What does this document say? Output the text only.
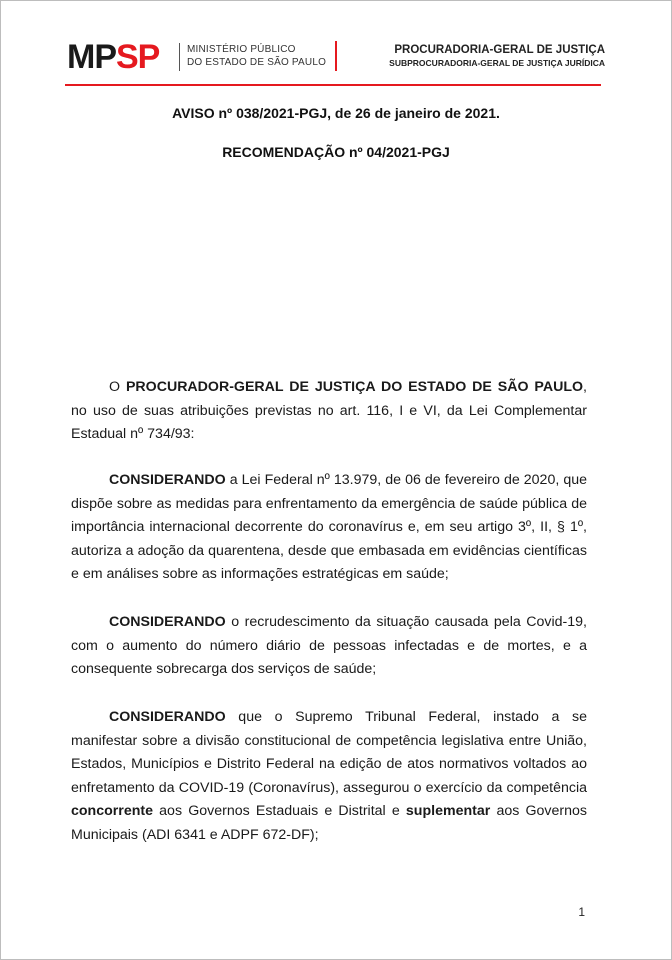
MPSP	MINISTÉRIO PÚBLICO
DO ESTADO DE SÃO PAULO
PROCURADORIA-GERAL DE JUSTIÇA
SUBPROCURADORIA-GERAL DE JUSTIÇA JURÍDICA
AVISO nº 038/2021-PGJ, de 26 de janeiro de 2021.
RECOMENDAÇÃO nº 04/2021-PGJ
O PROCURADOR-GERAL DE JUSTIÇA DO ESTADO DE SÃO PAULO, no uso de suas atribuições previstas no art. 116, I e VI, da Lei Complementar Estadual nº 734/93:
CONSIDERANDO a Lei Federal nº 13.979, de 06 de fevereiro de 2020, que dispõe sobre as medidas para enfrentamento da emergência de saúde pública de importância internacional decorrente do coronavírus e, em seu artigo 3º, II, § 1º, autoriza a adoção da quarentena, desde que embasada em evidências científicas e em análises sobre as informações estratégicas em saúde;
CONSIDERANDO o recrudescimento da situação causada pela Covid-19, com o aumento do número diário de pessoas infectadas e de mortes, e a consequente sobrecarga dos serviços de saúde;
CONSIDERANDO que o Supremo Tribunal Federal, instado a se manifestar sobre a divisão constitucional de competência legislativa entre União, Estados, Municípios e Distrito Federal na edição de atos normativos voltados ao enfretamento da COVID-19 (Coronavírus), assegurou o exercício da competência concorrente aos Governos Estaduais e Distrital e suplementar aos Governos Municipais (ADI 6341 e ADPF 672-DF);
1
